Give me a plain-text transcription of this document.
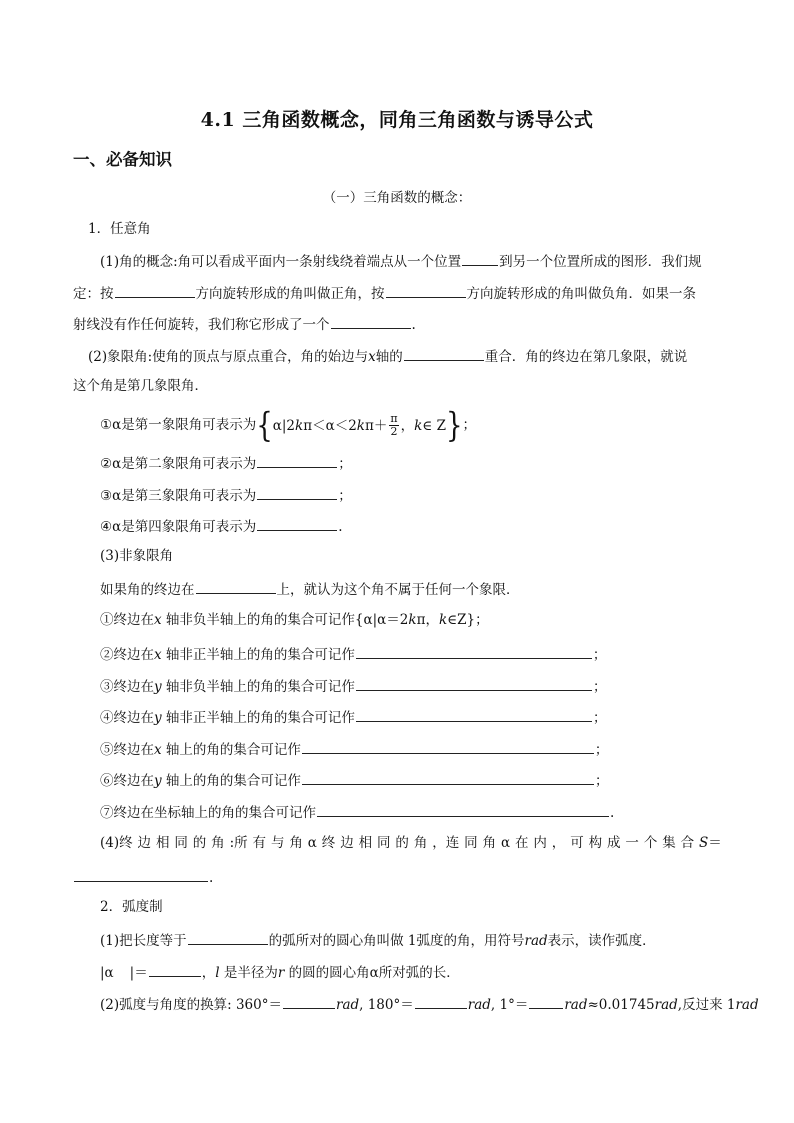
4.1 三角函数概念，同角三角函数与诱导公式
一、必备知识
（一）三角函数的概念：
1．任意角
(1)角的概念:角可以看成平面内一条射线绕着端点从一个位置	到另一个位置所成的图形．我们规
定：按	方向旋转形成的角叫做正角，按	方向旋转形成的角叫做负角．如果一条
射线没有作任何旋转，我们称它形成了一个	.
(2)象限角:使角的顶点与原点重合，角的始边与x轴的	重合．角的终边在第几象限，就说
这个角是第几象限角．
①α是第一象限角可表示为 { α|2 k π＜α＜2 k $\pi+ \frac{\pi}{2}$ ， k ∈ Z } ；
②α是第二象限角可表示为	；
③α是第三象限角可表示为	；
④α是第四象限角可表示为	.
(3)非象限角
如果角的终边在	上，就认为这个角不属于任何一个象限．
①终边在x 轴非负半轴上的角的集合可记作{α|α＝2kπ，k∈Z}；
②终边在x 轴非正半轴上的角的集合可记作	；
③终边在y 轴非负半轴上的角的集合可记作	；
④终边在y 轴非正半轴上的角的集合可记作	；
⑤终边在x 轴上的角的集合可记作	；
⑥终边在y 轴上的角的集合可记作	；
⑦终边在坐标轴上的角的集合可记作	.
(4)终 边 相 同 的 角 :所 有 与 角 α 终 边 相 同 的 角 ，连 同 角 α 在 内 ， 可 构 成 一 个 集 合 S＝
.
2．弧度制
(1)把长度等于	的弧所对的圆心角叫做 1弧度的角，用符号rad表示，读作弧度．
|α |＝	，l 是半径为r 的圆的圆心角α所对弧的长．
(2)弧度与角度的换算: 360°＝	rad, 180°＝	rad, 1°＝	rad≈0.01745rad,反过来 1rad
